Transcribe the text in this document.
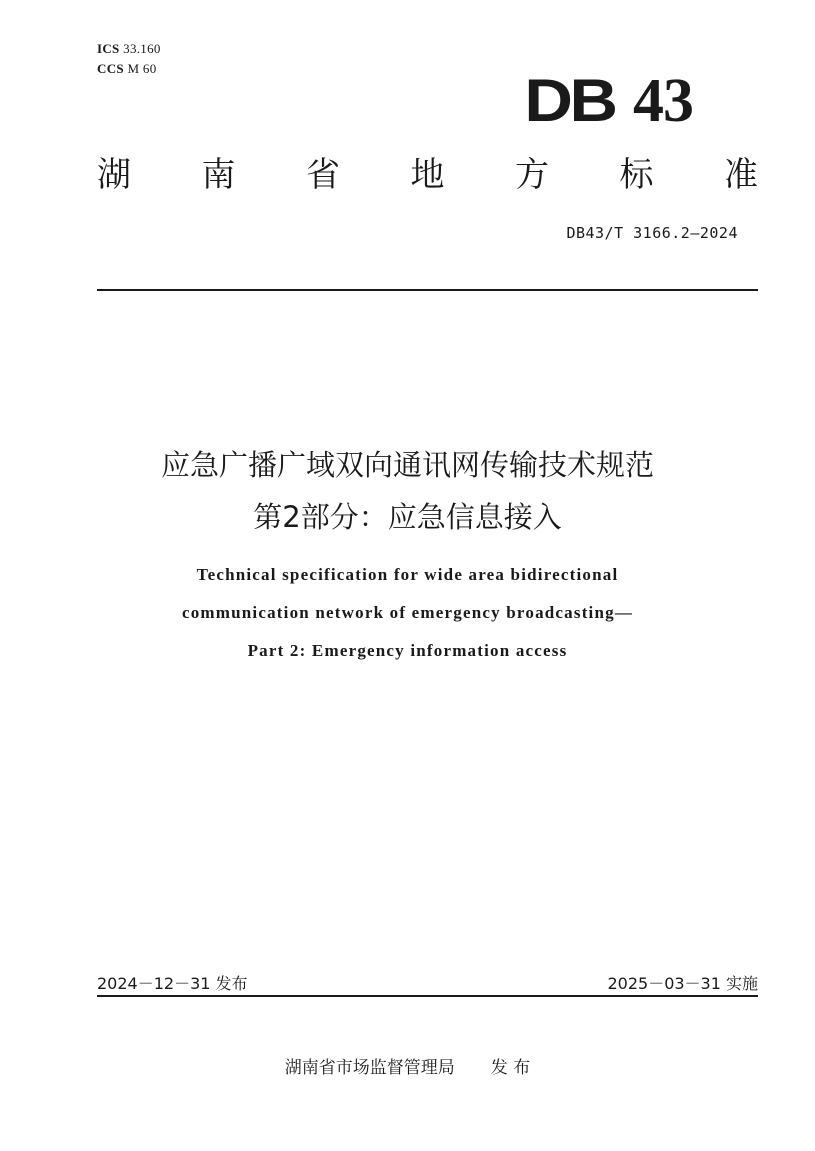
ICS 33.160
CCS M 60	DB 43
湖 南 省 地 方 标 准
DB43/T 3166.2—2024
应急广播广域双向通讯网传输技术规范
第2部分：应急信息接入
Technical specification for wide area bidirectional
communication network of emergency broadcasting—
Part 2: Emergency information access
2024－12－31 发布	2025－03－31 实施
湖南省市场监督管理局 发 布
